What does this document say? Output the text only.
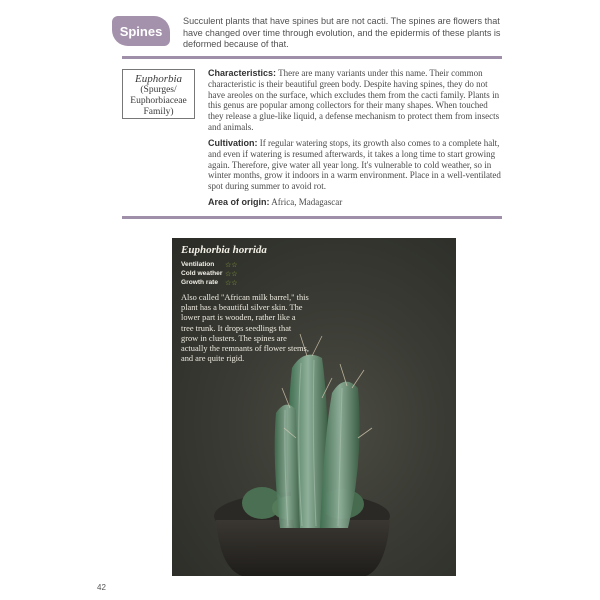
Spines
Succulent plants that have spines but are not cacti. The spines are flowers that have changed over time through evolution, and the epidermis of these plants is deformed because of that.
Euphorbia
(Spurges/ Euphorbiaceae Family)
Characteristics: There are many variants under this name. Their common characteristic is their beautiful green body. Despite having spines, they do not have areoles on the surface, which excludes them from the cacti family. Plants in this genus are popular among collectors for their many shapes. When touched they release a glue-like liquid, a defense mechanism to protect them from insects and animals.
Cultivation: If regular watering stops, its growth also comes to a complete halt, and even if watering is resumed afterwards, it takes a long time to start growing again. Therefore, give water all year long. It's vulnerable to cold weather, so in winter months, grow it indoors in a warm environment. Place in a well-ventilated spot during summer to avoid rot.
Area of origin: Africa, Madagascar
Euphorbia horrida
Ventilation	☆☆
Cold weather ☆☆
Growth rate ☆☆
Also called "African milk barrel," this plant has a beautiful silver skin. The lower part is wooden, rather like a tree trunk. It drops seedlings that grow in clusters. The spines are actually the remnants of flower stems, and are quite rigid.
42
